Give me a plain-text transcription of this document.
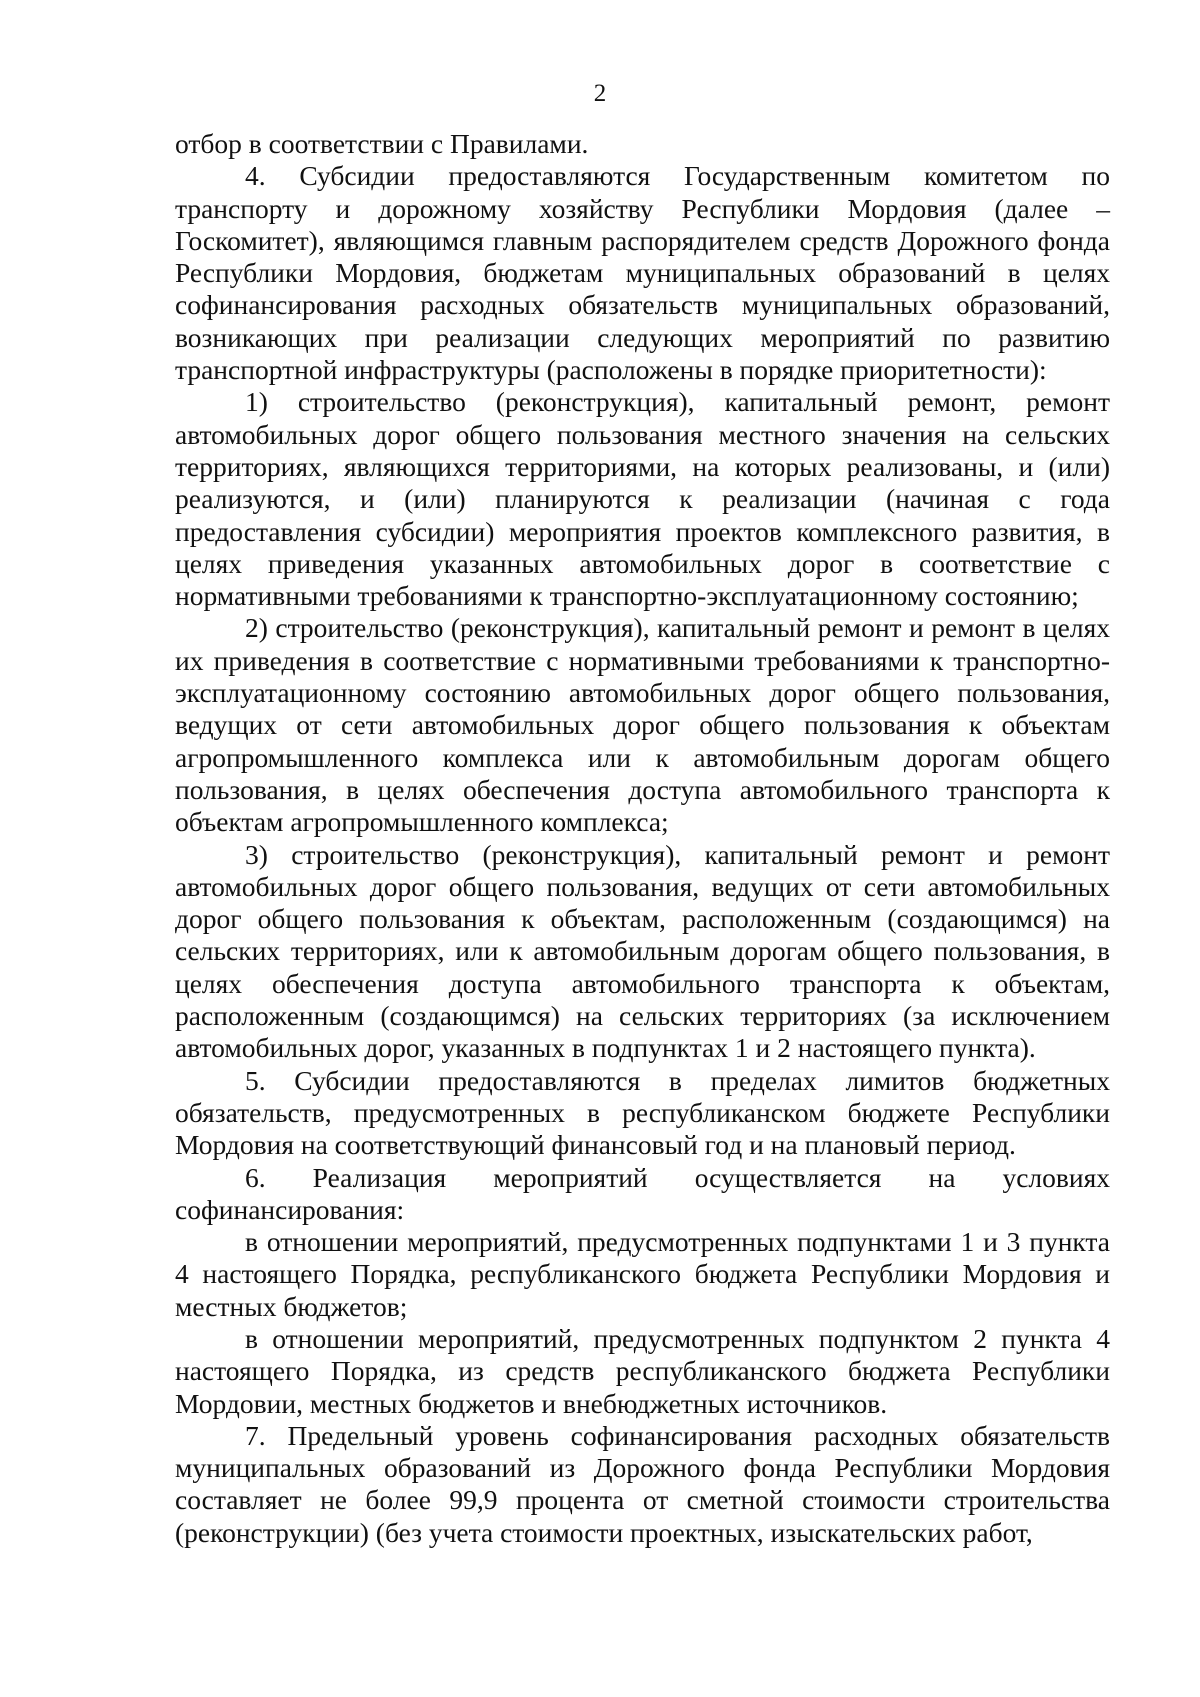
2

отбор в соответствии с Правилами.

4. Субсидии предоставляются Государственным комитетом по транспорту и дорожному хозяйству Республики Мордовия (далее – Госкомитет), являющимся главным распорядителем средств Дорожного фонда Республики Мордовия, бюджетам муниципальных образований в целях софинансирования расходных обязательств муниципальных образований, возникающих при реализации следующих мероприятий по развитию транспортной инфраструктуры (расположены в порядке приоритетности):

1) строительство (реконструкция), капитальный ремонт, ремонт автомобильных дорог общего пользования местного значения на сельских территориях, являющихся территориями, на которых реализованы, и (или) реализуются, и (или) планируются к реализации (начиная с года предоставления субсидии) мероприятия проектов комплексного развития, в целях приведения указанных автомобильных дорог в соответствие с нормативными требованиями к транспортно-эксплуатационному состоянию;

2) строительство (реконструкция), капитальный ремонт и ремонт в целях их приведения в соответствие с нормативными требованиями к транспортно-эксплуатационному состоянию автомобильных дорог общего пользования, ведущих от сети автомобильных дорог общего пользования к объектам агропромышленного комплекса или к автомобильным дорогам общего пользования, в целях обеспечения доступа автомобильного транспорта к объектам агропромышленного комплекса;

3) строительство (реконструкция), капитальный ремонт и ремонт автомобильных дорог общего пользования, ведущих от сети автомобильных дорог общего пользования к объектам, расположенным (создающимся) на сельских территориях, или к автомобильным дорогам общего пользования, в целях обеспечения доступа автомобильного транспорта к объектам, расположенным (создающимся) на сельских территориях (за исключением автомобильных дорог, указанных в подпунктах 1 и 2 настоящего пункта).

5. Субсидии предоставляются в пределах лимитов бюджетных обязательств, предусмотренных в республиканском бюджете Республики Мордовия на соответствующий финансовый год и на плановый период.

6. Реализация мероприятий осуществляется на условиях софинансирования:

в отношении мероприятий, предусмотренных подпунктами 1 и 3 пункта 4 настоящего Порядка, республиканского бюджета Республики Мордовия и местных бюджетов;

в отношении мероприятий, предусмотренных подпунктом 2 пункта 4 настоящего Порядка, из средств республиканского бюджета Республики Мордовии, местных бюджетов и внебюджетных источников.

7. Предельный уровень софинансирования расходных обязательств муниципальных образований из Дорожного фонда Республики Мордовия составляет не более 99,9 процента от сметной стоимости строительства (реконструкции) (без учета стоимости проектных, изыскательских работ,
